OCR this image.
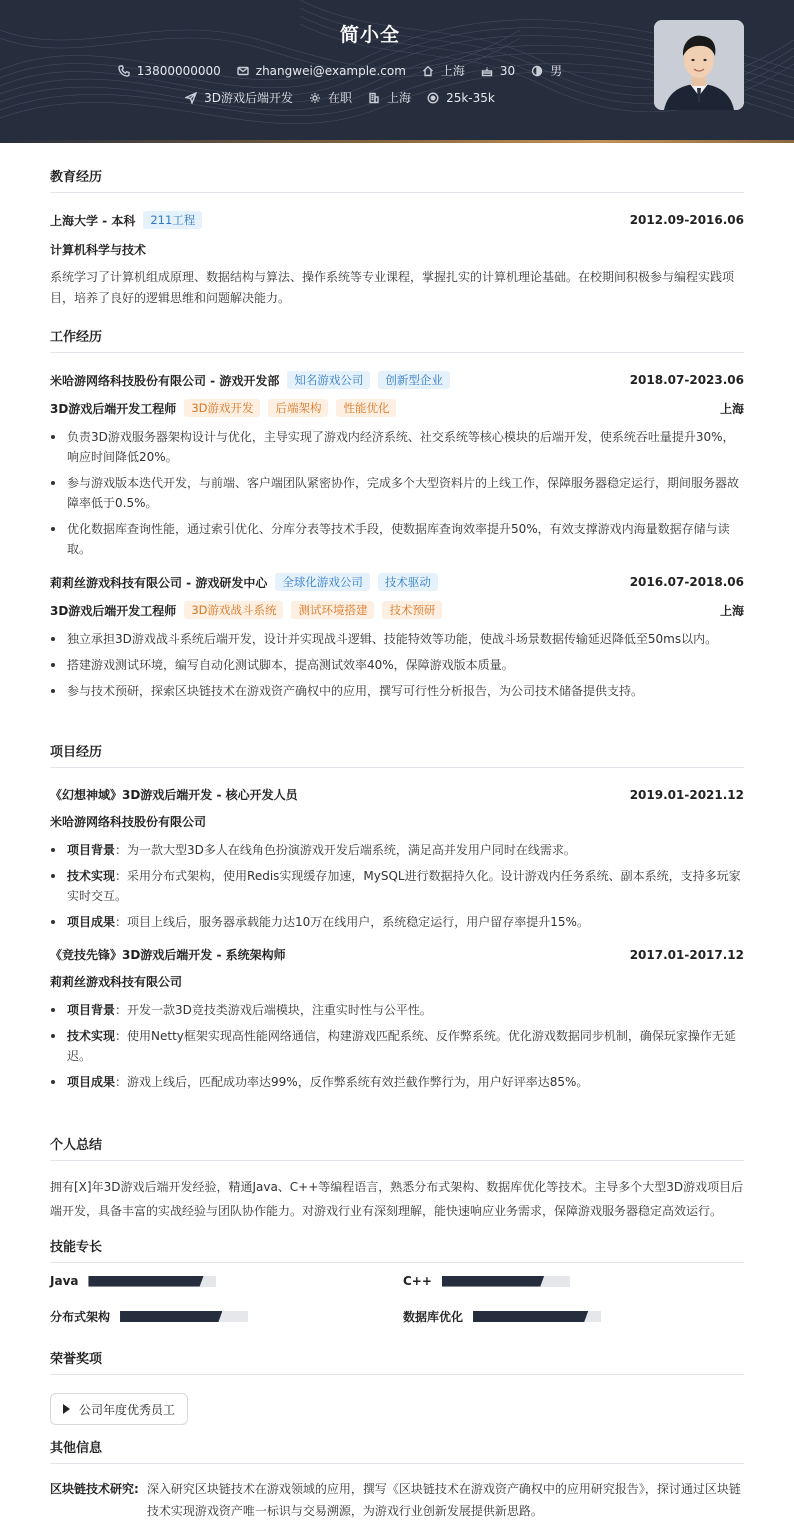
简小全
13800000000	zhangwei@example.com	上海	30	男
3D游戏后端开发	在职	上海	25k-35k
教育经历
上海大学 - 本科	211工程	2012.09-2016.06
计算机科学与技术
系统学习了计算机组成原理、数据结构与算法、操作系统等专业课程，掌握扎实的计算机理论基础。在校期间积极参与编程实践项目，培养了良好的逻辑思维和问题解决能力。
工作经历
米哈游网络科技股份有限公司 - 游戏开发部	知名游戏公司	创新型企业	2018.07-2023.06
3D游戏后端开发工程师	3D游戏开发	后端架构	性能优化	上海
负责3D游戏服务器架构设计与优化，主导实现了游戏内经济系统、社交系统等核心模块的后端开发，使系统吞吐量提升30%，响应时间降低20%。
参与游戏版本迭代开发，与前端、客户端团队紧密协作，完成多个大型资料片的上线工作，保障服务器稳定运行，期间服务器故障率低于0.5%。
优化数据库查询性能，通过索引优化、分库分表等技术手段，使数据库查询效率提升50%，有效支撑游戏内海量数据存储与读取。
莉莉丝游戏科技有限公司 - 游戏研发中心	全球化游戏公司	技术驱动	2016.07-2018.06
3D游戏后端开发工程师	3D游戏战斗系统	测试环境搭建	技术预研	上海
独立承担3D游戏战斗系统后端开发，设计并实现战斗逻辑、技能特效等功能，使战斗场景数据传输延迟降低至50ms以内。
搭建游戏测试环境，编写自动化测试脚本，提高测试效率40%，保障游戏版本质量。
参与技术预研，探索区块链技术在游戏资产确权中的应用，撰写可行性分析报告，为公司技术储备提供支持。
项目经历
《幻想神域》3D游戏后端开发 - 核心开发人员	2019.01-2021.12
米哈游网络科技股份有限公司
项目背景：为一款大型3D多人在线角色扮演游戏开发后端系统，满足高并发用户同时在线需求。
技术实现：采用分布式架构，使用Redis实现缓存加速，MySQL进行数据持久化。设计游戏内任务系统、副本系统，支持多玩家实时交互。
项目成果：项目上线后，服务器承载能力达10万在线用户，系统稳定运行，用户留存率提升15%。
《竞技先锋》3D游戏后端开发 - 系统架构师	2017.01-2017.12
莉莉丝游戏科技有限公司
项目背景：开发一款3D竞技类游戏后端模块，注重实时性与公平性。
技术实现：使用Netty框架实现高性能网络通信，构建游戏匹配系统、反作弊系统。优化游戏数据同步机制，确保玩家操作无延迟。
项目成果：游戏上线后，匹配成功率达99%，反作弊系统有效拦截作弊行为，用户好评率达85%。
个人总结
拥有[X]年3D游戏后端开发经验，精通Java、C++等编程语言，熟悉分布式架构、数据库优化等技术。主导多个大型3D游戏项目后端开发，具备丰富的实战经验与团队协作能力。对游戏行业有深刻理解，能快速响应业务需求，保障游戏服务器稳定高效运行。
技能专长
Java	C++
分布式架构	数据库优化
荣誉奖项
公司年度优秀员工
其他信息
区块链技术研究: 深入研究区块链技术在游戏领域的应用，撰写《区块链技术在游戏资产确权中的应用研究报告》，探讨通过区块链技术实现游戏资产唯一标识与交易溯源，为游戏行业创新发展提供新思路。
